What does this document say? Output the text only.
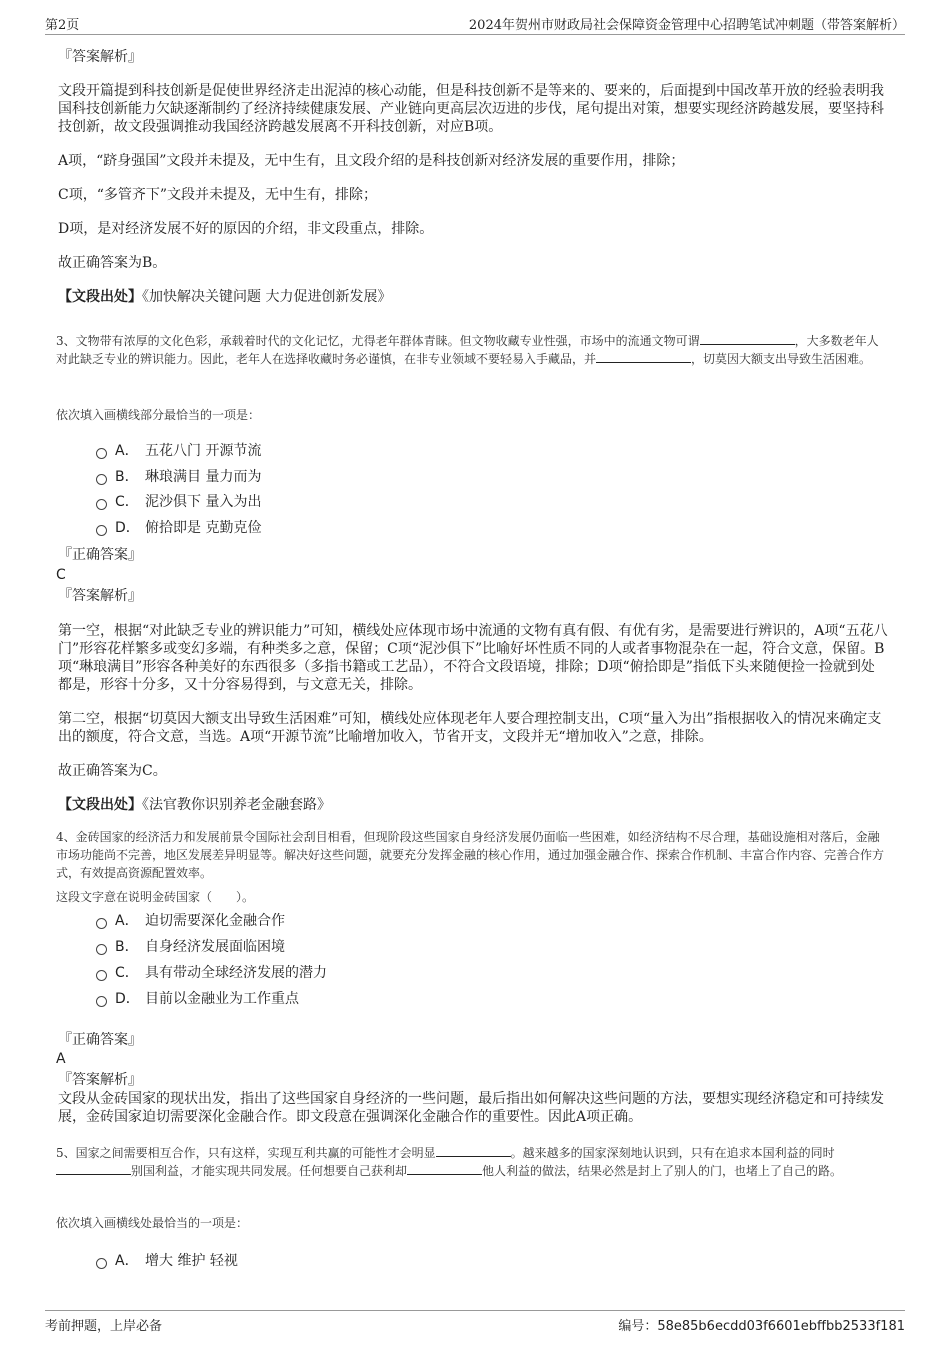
第2页	2024年贺州市财政局社会保障资金管理中心招聘笔试冲刺题（带答案解析）
『答案解析』

文段开篇提到科技创新是促使世界经济走出泥淖的核心动能，但是科技创新不是等来的、要来的，后面提到中国改革开放的经验表明我国科技创新能力欠缺逐渐制约了经济持续健康发展、产业链向更高层次迈进的步伐，尾句提出对策，想要实现经济跨越发展，要坚持科技创新，故文段强调推动我国经济跨越发展离不开科技创新，对应B项。

A项，“跻身强国”文段并未提及，无中生有，且文段介绍的是科技创新对经济发展的重要作用，排除；

C项，“多管齐下”文段并未提及，无中生有，排除；

D项，是对经济发展不好的原因的介绍，非文段重点，排除。

故正确答案为B。

【文段出处】《加快解决关键问题 大力促进创新发展》

3、文物带有浓厚的文化色彩，承载着时代的文化记忆，尤得老年群体青睐。但文物收藏专业性强，市场中的流通文物可谓	，大多数老年人对此缺乏专业的辨识能力。因此，老年人在选择收藏时务必谨慎，在非专业领域不要轻易入手藏品，并	，切莫因大额支出导致生活困难。

依次填入画横线部分最恰当的一项是：

A． 五花八门 开源节流
B． 琳琅满目 量力而为
C． 泥沙俱下 量入为出
D． 俯拾即是 克勤克俭
『正确答案』
C
『答案解析』

第一空，根据“对此缺乏专业的辨识能力”可知，横线处应体现市场中流通的文物有真有假、有优有劣，是需要进行辨识的，A项“五花八门”形容花样繁多或变幻多端，有种类多之意，保留；C项“泥沙俱下”比喻好坏性质不同的人或者事物混杂在一起，符合文意，保留。B项“琳琅满目”形容各种美好的东西很多（多指书籍或工艺品），不符合文段语境，排除；D项“俯拾即是”指低下头来随便捡一捡就到处都是，形容十分多，又十分容易得到，与文意无关，排除。

第二空，根据“切莫因大额支出导致生活困难”可知，横线处应体现老年人要合理控制支出，C项“量入为出”指根据收入的情况来确定支出的额度，符合文意，当选。A项“开源节流”比喻增加收入，节省开支，文段并无“增加收入”之意，排除。

故正确答案为C。

【文段出处】《法官教你识别养老金融套路》

4、金砖国家的经济活力和发展前景令国际社会刮目相看，但现阶段这些国家自身经济发展仍面临一些困难，如经济结构不尽合理，基础设施相对落后，金融市场功能尚不完善，地区发展差异明显等。解决好这些问题，就要充分发挥金融的核心作用，通过加强金融合作、探索合作机制、丰富合作内容、完善合作方式，有效提高资源配置效率。

这段文字意在说明金砖国家（　　）。

A． 迫切需要深化金融合作
B． 自身经济发展面临困境
C． 具有带动全球经济发展的潜力
D． 目前以金融业为工作重点
『正确答案』
A
『答案解析』

文段从金砖国家的现状出发，指出了这些国家自身经济的一些问题，最后指出如何解决这些问题的方法，要想实现经济稳定和可持续发展，金砖国家迫切需要深化金融合作。即文段意在强调深化金融合作的重要性。因此A项正确。

5、国家之间需要相互合作，只有这样，实现互利共赢的可能性才会明显	。越来越多的国家深刻地认识到，只有在追求本国利益的同时别国利益，才能实现共同发展。任何想要自己获利却	他人利益的做法，结果必然是封上了别人的门，也堵上了自己的路。

依次填入画横线处最恰当的一项是：

A． 增大 维护 轻视
考前押题，上岸必备	编号：58e85b6ecdd03f6601ebffbb2533f181
